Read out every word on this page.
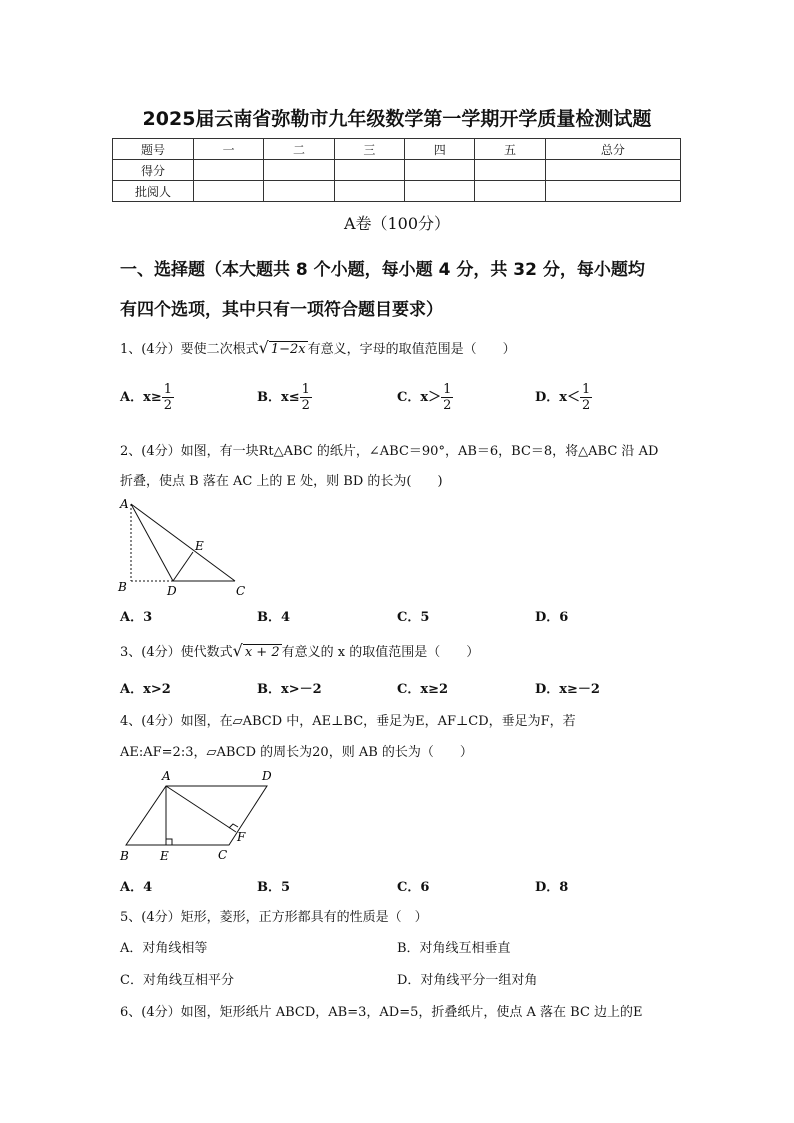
2025届云南省弥勒市九年级数学第一学期开学质量检测试题
题号	一	二	三	四	五	总分
得分						
批阅人						
A卷（100分）
一、选择题（本大题共 8 个小题，每小题 4 分，共 32 分，每小题均
有四个选项，其中只有一项符合题目要求）
1、(4分）要使二次根式√ 1−2x 有意义，字母的取值范围是（　　）
A．$x\ge \frac{1}{2}$	B．$x\le \frac{1}{2}$	C．$x> \frac{1}{2}$	D．$x< \frac{1}{2}$
2、(4分）如图，有一块Rt△ABC 的纸片，∠ABC＝90°，AB＝6，BC＝8，将△ABC 沿 AD
折叠，使点 B 落在 AC 上的 E 处，则 BD 的长为(　　)
A
B	D	C
E
A．3	B．4	C．5	D．6
3、(4分）使代数式√ x + 2 有意义的 x 的取值范围是（　　）
A．x>2	B．x>－2	C．x≥2	D．x≥－2
4、(4分）如图，在▱ABCD 中，AE⊥BC，垂足为E，AF⊥CD，垂足为F，若
AE:AF=2:3，▱ABCD 的周长为20，则 AB 的长为（　　）
A	D
B	E	C
F
A．4	B．5	C．6	D．8
5、(4分）矩形，菱形，正方形都具有的性质是（　）
A．对角线相等	B．对角线互相垂直
C．对角线互相平分	D．对角线平分一组对角
6、(4分）如图，矩形纸片 ABCD，AB=3，AD=5，折叠纸片，使点 A 落在 BC 边上的E
